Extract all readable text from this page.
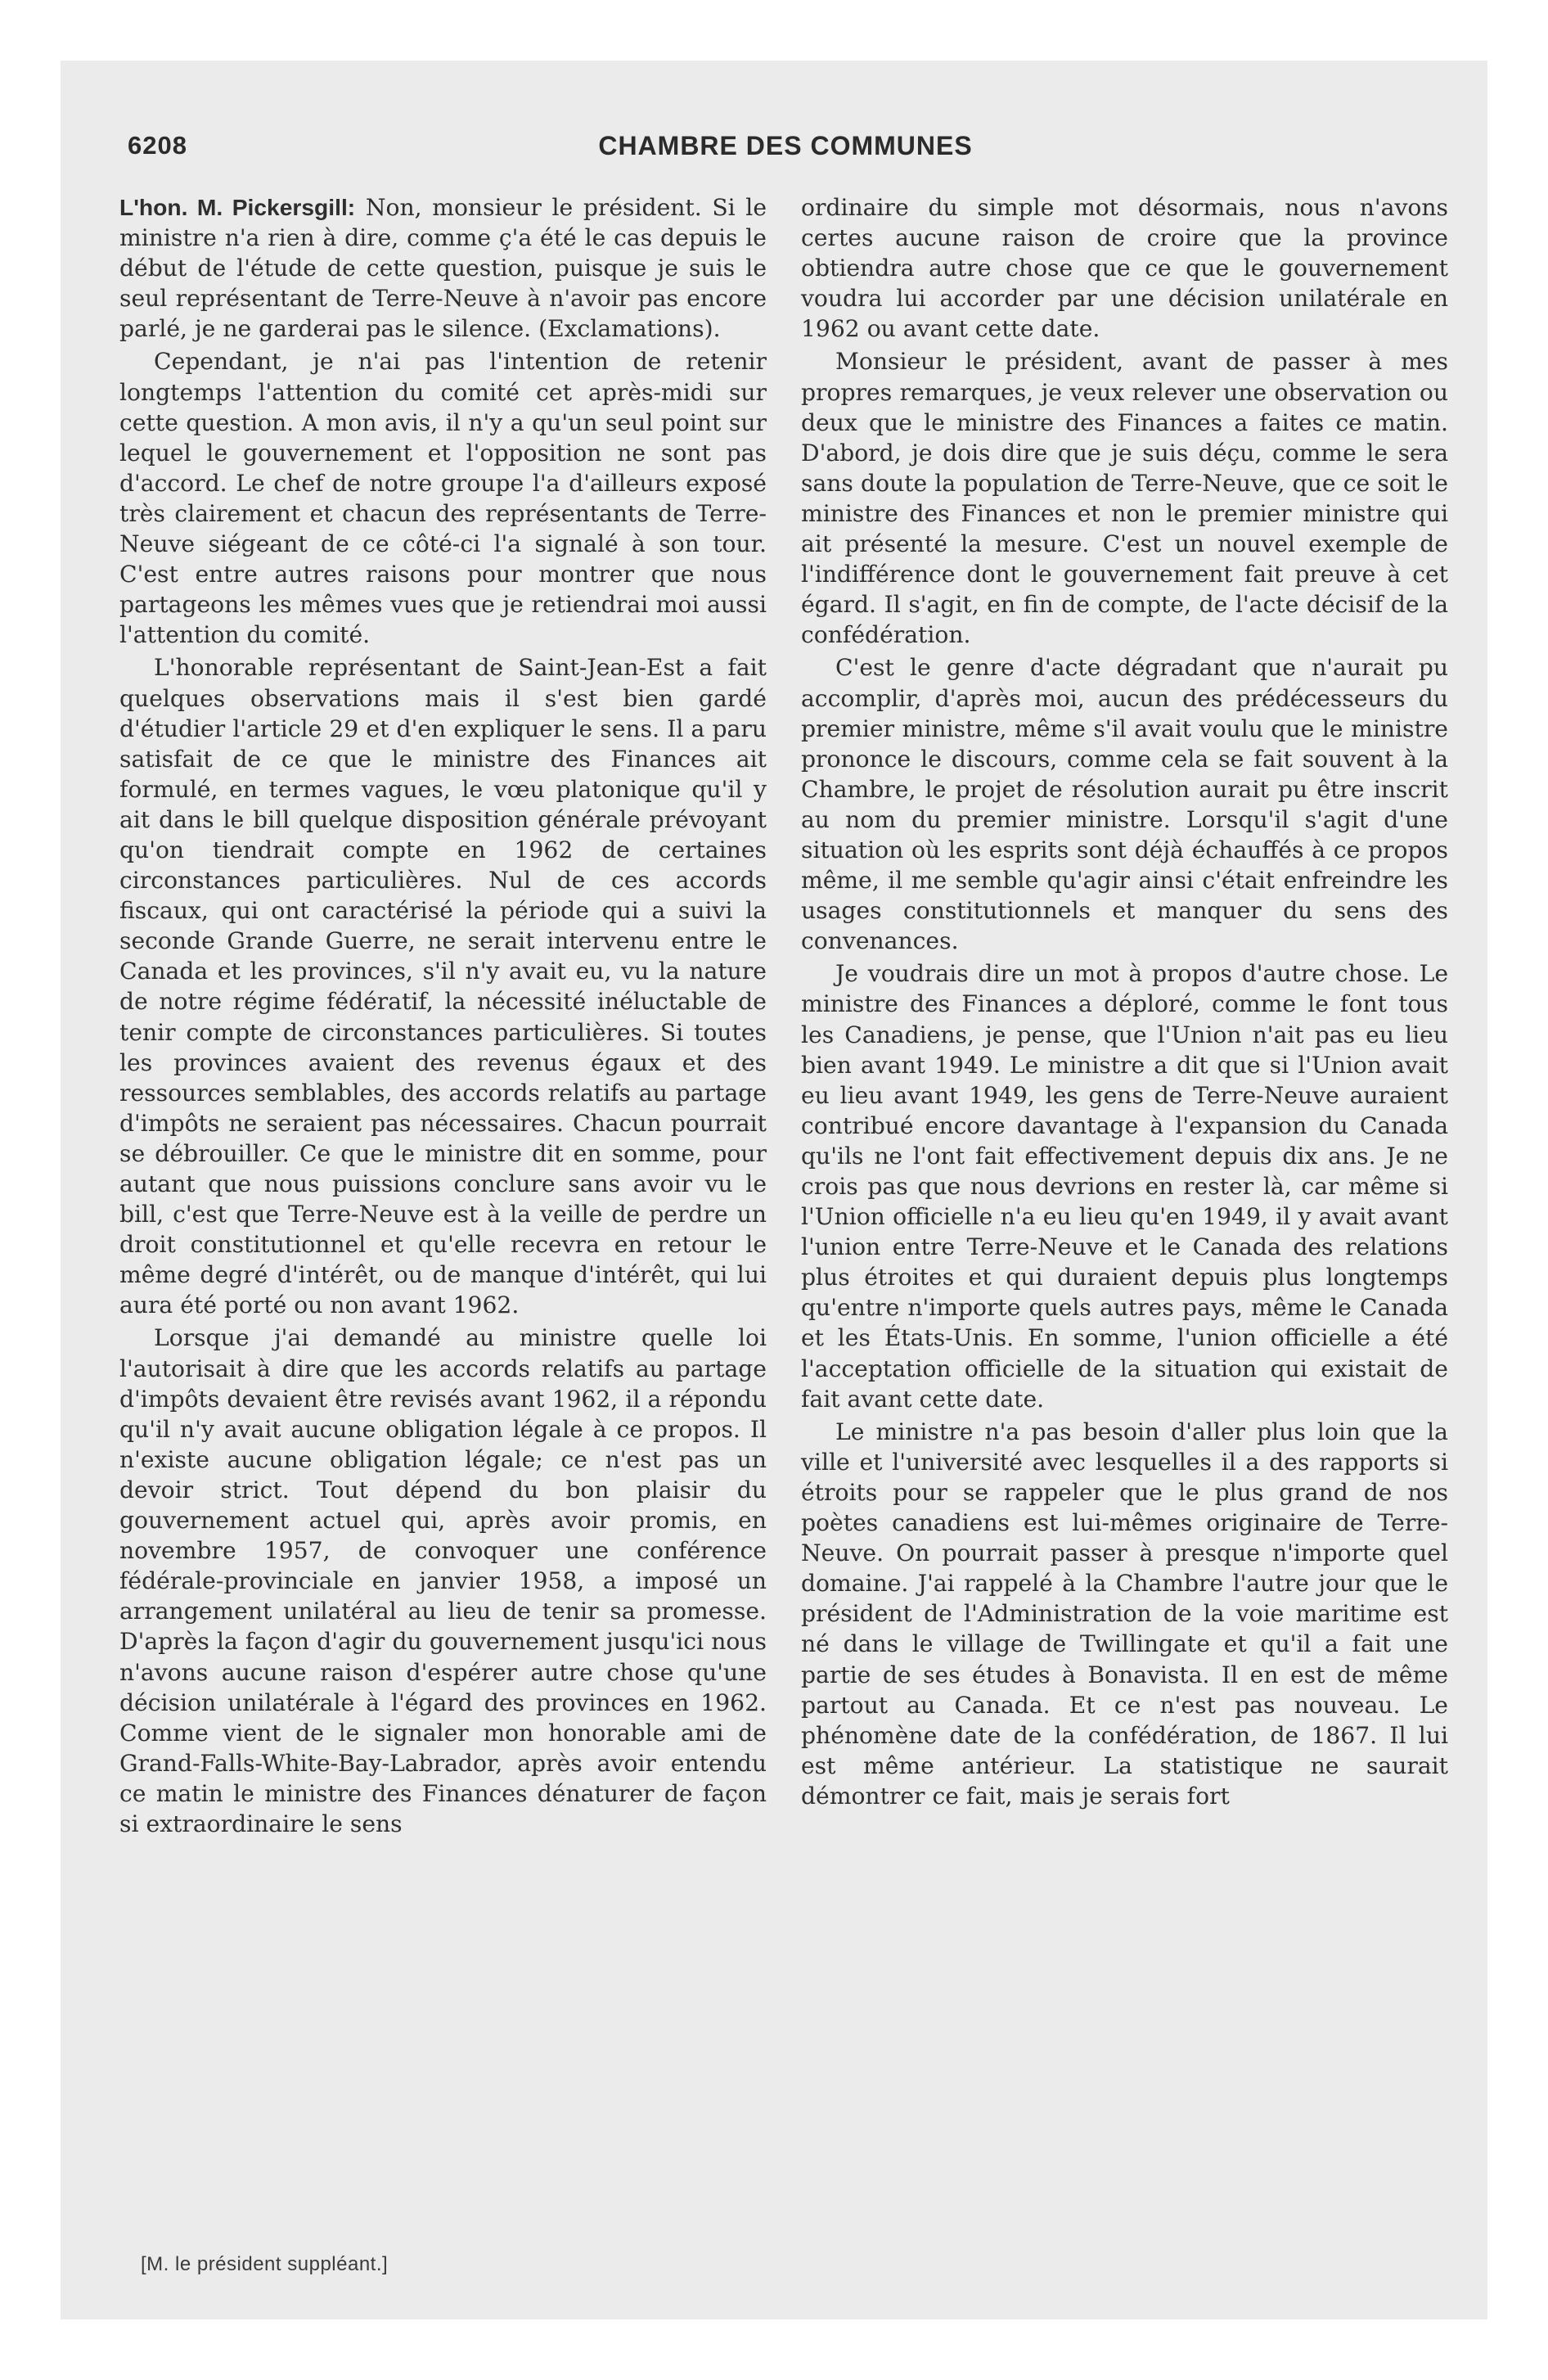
6208	CHAMBRE DES COMMUNES

L'hon. M. Pickersgill: Non, monsieur le président. Si le ministre n'a rien à dire, comme ç'a été le cas depuis le début de l'étude de cette question, puisque je suis le seul représentant de Terre-Neuve à n'avoir pas encore parlé, je ne garderai pas le silence. (Exclamations).

Cependant, je n'ai pas l'intention de retenir longtemps l'attention du comité cet après-midi sur cette question. A mon avis, il n'y a qu'un seul point sur lequel le gouvernement et l'opposition ne sont pas d'accord. Le chef de notre groupe l'a d'ailleurs exposé très clairement et chacun des représentants de Terre-Neuve siégeant de ce côté-ci l'a signalé à son tour. C'est entre autres raisons pour montrer que nous partageons les mêmes vues que je retiendrai moi aussi l'attention du comité.

L'honorable représentant de Saint-Jean-Est a fait quelques observations mais il s'est bien gardé d'étudier l'article 29 et d'en expliquer le sens. Il a paru satisfait de ce que le ministre des Finances ait formulé, en termes vagues, le vœu platonique qu'il y ait dans le bill quelque disposition générale prévoyant qu'on tiendrait compte en 1962 de certaines circonstances particulières. Nul de ces accords fiscaux, qui ont caractérisé la période qui a suivi la seconde Grande Guerre, ne serait intervenu entre le Canada et les provinces, s'il n'y avait eu, vu la nature de notre régime fédératif, la nécessité inéluctable de tenir compte de circonstances particulières. Si toutes les provinces avaient des revenus égaux et des ressources semblables, des accords relatifs au partage d'impôts ne seraient pas nécessaires. Chacun pourrait se débrouiller. Ce que le ministre dit en somme, pour autant que nous puissions conclure sans avoir vu le bill, c'est que Terre-Neuve est à la veille de perdre un droit constitutionnel et qu'elle recevra en retour le même degré d'intérêt, ou de manque d'intérêt, qui lui aura été porté ou non avant 1962.

Lorsque j'ai demandé au ministre quelle loi l'autorisait à dire que les accords relatifs au partage d'impôts devaient être revisés avant 1962, il a répondu qu'il n'y avait aucune obligation légale à ce propos. Il n'existe aucune obligation légale; ce n'est pas un devoir strict. Tout dépend du bon plaisir du gouvernement actuel qui, après avoir promis, en novembre 1957, de convoquer une conférence fédérale-provinciale en janvier 1958, a imposé un arrangement unilatéral au lieu de tenir sa promesse. D'après la façon d'agir du gouvernement jusqu'ici nous n'avons aucune raison d'espérer autre chose qu'une décision unilatérale à l'égard des provinces en 1962. Comme vient de le signaler mon honorable ami de Grand-Falls-White-Bay-Labrador, après avoir entendu ce matin le ministre des Finances dénaturer de façon si extraordinaire le sens

ordinaire du simple mot désormais, nous n'avons certes aucune raison de croire que la province obtiendra autre chose que ce que le gouvernement voudra lui accorder par une décision unilatérale en 1962 ou avant cette date.

Monsieur le président, avant de passer à mes propres remarques, je veux relever une observation ou deux que le ministre des Finances a faites ce matin. D'abord, je dois dire que je suis déçu, comme le sera sans doute la population de Terre-Neuve, que ce soit le ministre des Finances et non le premier ministre qui ait présenté la mesure. C'est un nouvel exemple de l'indifférence dont le gouvernement fait preuve à cet égard. Il s'agit, en fin de compte, de l'acte décisif de la confédération.

C'est le genre d'acte dégradant que n'aurait pu accomplir, d'après moi, aucun des prédécesseurs du premier ministre, même s'il avait voulu que le ministre prononce le discours, comme cela se fait souvent à la Chambre, le projet de résolution aurait pu être inscrit au nom du premier ministre. Lorsqu'il s'agit d'une situation où les esprits sont déjà échauffés à ce propos même, il me semble qu'agir ainsi c'était enfreindre les usages constitutionnels et manquer du sens des convenances.

Je voudrais dire un mot à propos d'autre chose. Le ministre des Finances a déploré, comme le font tous les Canadiens, je pense, que l'Union n'ait pas eu lieu bien avant 1949. Le ministre a dit que si l'Union avait eu lieu avant 1949, les gens de Terre-Neuve auraient contribué encore davantage à l'expansion du Canada qu'ils ne l'ont fait effectivement depuis dix ans. Je ne crois pas que nous devrions en rester là, car même si l'Union officielle n'a eu lieu qu'en 1949, il y avait avant l'union entre Terre-Neuve et le Canada des relations plus étroites et qui duraient depuis plus longtemps qu'entre n'importe quels autres pays, même le Canada et les États-Unis. En somme, l'union officielle a été l'acceptation officielle de la situation qui existait de fait avant cette date.

Le ministre n'a pas besoin d'aller plus loin que la ville et l'université avec lesquelles il a des rapports si étroits pour se rappeler que le plus grand de nos poètes canadiens est lui-mêmes originaire de Terre-Neuve. On pourrait passer à presque n'importe quel domaine. J'ai rappelé à la Chambre l'autre jour que le président de l'Administration de la voie maritime est né dans le village de Twillingate et qu'il a fait une partie de ses études à Bonavista. Il en est de même partout au Canada. Et ce n'est pas nouveau. Le phénomène date de la confédération, de 1867. Il lui est même antérieur. La statistique ne saurait démontrer ce fait, mais je serais fort

[M. le président suppléant.]
